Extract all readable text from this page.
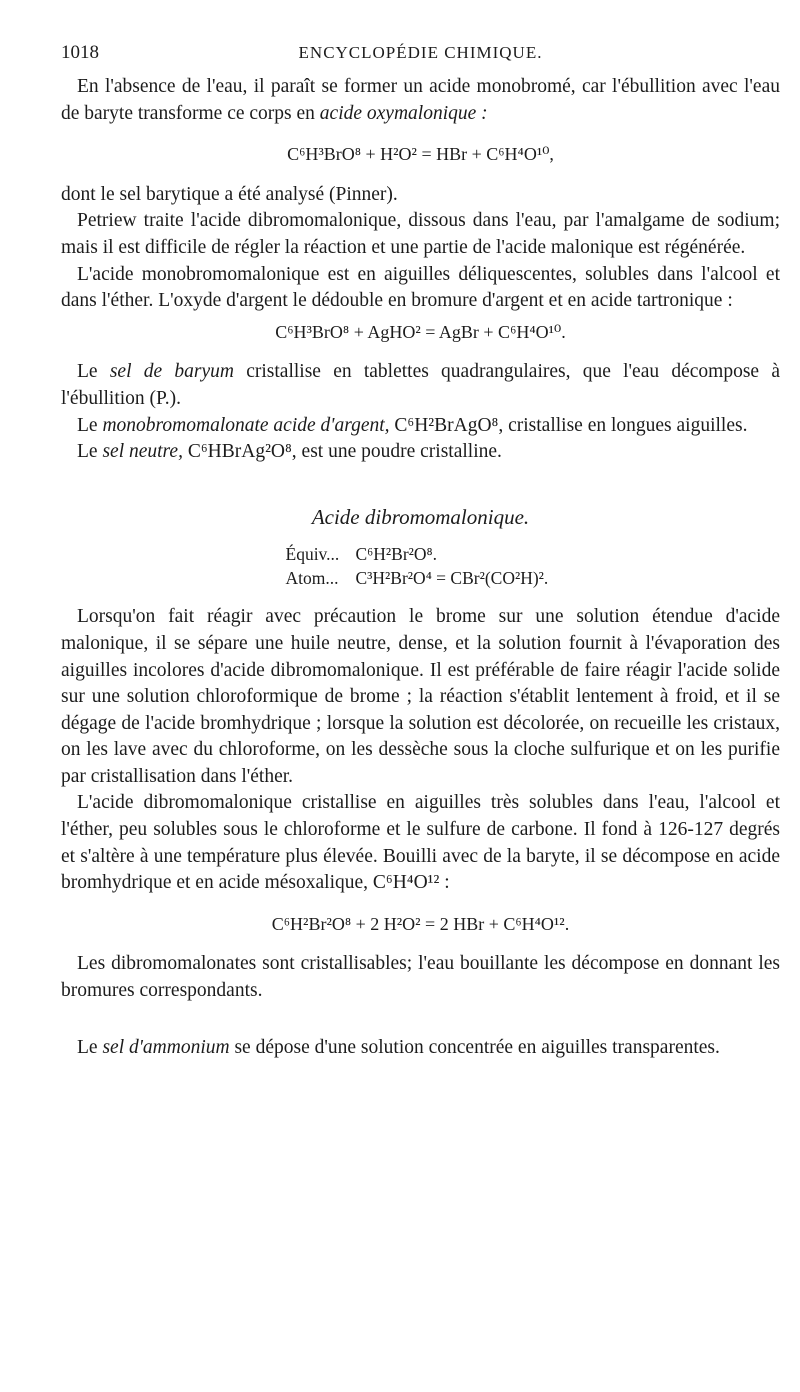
1018	ENCYCLOPÉDIE CHIMIQUE.

En l'absence de l'eau, il paraît se former un acide monobromé, car l'ébullition avec l'eau de baryte transforme ce corps en acide oxymalonique :

C⁶H³BrO⁸ + H²O² = HBr + C⁶H⁴O¹⁰,

dont le sel barytique a été analysé (Pinner).

Petriew traite l'acide dibromomalonique, dissous dans l'eau, par l'amalgame de sodium; mais il est difficile de régler la réaction et une partie de l'acide malonique est régénérée.

L'acide monobromomalonique est en aiguilles déliquescentes, solubles dans l'alcool et dans l'éther. L'oxyde d'argent le dédouble en bromure d'argent et en acide tartronique :

C⁶H³BrO⁸ + AgHO² = AgBr + C⁶H⁴O¹⁰.

Le sel de baryum cristallise en tablettes quadrangulaires, que l'eau décompose à l'ébullition (P.).

Le monobromomalonate acide d'argent, C⁶H²BrAgO⁸, cristallise en longues aiguilles.

Le sel neutre, C⁶HBrAg²O⁸, est une poudre cristalline.

Acide dibromomalonique.
Équiv... C⁶H²Br²O⁸.
Atom... C³H²Br²O⁴ = CBr²(CO²H)².

Lorsqu'on fait réagir avec précaution le brome sur une solution étendue d'acide malonique, il se sépare une huile neutre, dense, et la solution fournit à l'évaporation des aiguilles incolores d'acide dibromomalonique. Il est préférable de faire réagir l'acide solide sur une solution chloroformique de brome ; la réaction s'établit lentement à froid, et il se dégage de l'acide bromhydrique ; lorsque la solution est décolorée, on recueille les cristaux, on les lave avec du chloroforme, on les dessèche sous la cloche sulfurique et on les purifie par cristallisation dans l'éther.

L'acide dibromomalonique cristallise en aiguilles très solubles dans l'eau, l'alcool et l'éther, peu solubles sous le chloroforme et le sulfure de carbone. Il fond à 126-127 degrés et s'altère à une température plus élevée. Bouilli avec de la baryte, il se décompose en acide bromhydrique et en acide mésoxalique, C⁶H⁴O¹² :

C⁶H²Br²O⁸ + 2 H²O² = 2 HBr + C⁶H⁴O¹².

Les dibromomalonates sont cristallisables; l'eau bouillante les décompose en donnant les bromures correspondants.

Le sel d'ammonium se dépose d'une solution concentrée en aiguilles transparentes.
